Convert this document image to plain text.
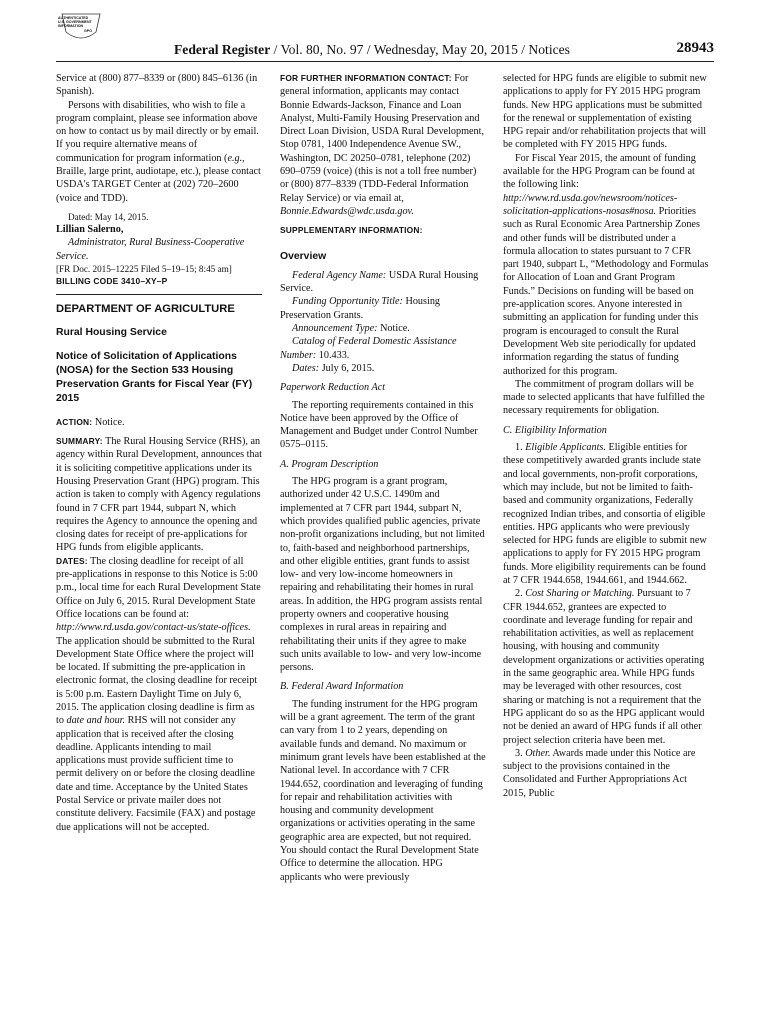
AUTHENTICATED
U.S. GOVERNMENT
INFORMATION
GPO
Federal Register / Vol. 80, No. 97 / Wednesday, May 20, 2015 / Notices	28943

Service at (800) 877–8339 or (800) 845–6136 (in Spanish).

Persons with disabilities, who wish to file a program complaint, please see information above on how to contact us by mail directly or by email. If you require alternative means of communication for program information (e.g., Braille, large print, audiotape, etc.), please contact USDA's TARGET Center at (202) 720–2600 (voice and TDD).

Dated: May 14, 2015.

Lillian Salerno,

Administrator, Rural Business-Cooperative Service.

[FR Doc. 2015–12225 Filed 5–19–15; 8:45 am]

BILLING CODE 3410–XY–P

DEPARTMENT OF AGRICULTURE

Rural Housing Service

Notice of Solicitation of Applications (NOSA) for the Section 533 Housing Preservation Grants for Fiscal Year (FY) 2015

ACTION: Notice.

SUMMARY: The Rural Housing Service (RHS), an agency within Rural Development, announces that it is soliciting competitive applications under its Housing Preservation Grant (HPG) program. This action is taken to comply with Agency regulations found in 7 CFR part 1944, subpart N, which requires the Agency to announce the opening and closing dates for receipt of pre-applications for HPG funds from eligible applicants.

DATES: The closing deadline for receipt of all pre-applications in response to this Notice is 5:00 p.m., local time for each Rural Development State Office on July 6, 2015. Rural Development State Office locations can be found at: http://www.rd.usda.gov/contact-us/state-offices. The application should be submitted to the Rural Development State Office where the project will be located. If submitting the pre-application in electronic format, the closing deadline for receipt is 5:00 p.m. Eastern Daylight Time on July 6, 2015. The application closing deadline is firm as to date and hour. RHS will not consider any application that is received after the closing deadline. Applicants intending to mail applications must provide sufficient time to permit delivery on or before the closing deadline date and time. Acceptance by the United States Postal Service or private mailer does not constitute delivery. Facsimile (FAX) and postage due applications will not be accepted.

FOR FURTHER INFORMATION CONTACT: For general information, applicants may contact Bonnie Edwards-Jackson, Finance and Loan Analyst, Multi-Family Housing Preservation and Direct Loan Division, USDA Rural Development, Stop 0781, 1400 Independence Avenue SW., Washington, DC 20250–0781, telephone (202) 690–0759 (voice) (this is not a toll free number) or (800) 877–8339 (TDD-Federal Information Relay Service) or via email at, Bonnie.Edwards@wdc.usda.gov.

SUPPLEMENTARY INFORMATION:

Overview

Federal Agency Name: USDA Rural Housing Service.

Funding Opportunity Title: Housing Preservation Grants.

Announcement Type: Notice.

Catalog of Federal Domestic Assistance Number: 10.433.

Dates: July 6, 2015.

Paperwork Reduction Act

The reporting requirements contained in this Notice have been approved by the Office of Management and Budget under Control Number 0575–0115.

A. Program Description

The HPG program is a grant program, authorized under 42 U.S.C. 1490m and implemented at 7 CFR part 1944, subpart N, which provides qualified public agencies, private non-profit organizations including, but not limited to, faith-based and neighborhood partnerships, and other eligible entities, grant funds to assist low- and very low-income homeowners in repairing and rehabilitating their homes in rural areas. In addition, the HPG program assists rental property owners and cooperative housing complexes in rural areas in repairing and rehabilitating their units if they agree to make such units available to low- and very low-income persons.

B. Federal Award Information

The funding instrument for the HPG program will be a grant agreement. The term of the grant can vary from 1 to 2 years, depending on available funds and demand. No maximum or minimum grant levels have been established at the National level. In accordance with 7 CFR 1944.652, coordination and leveraging of funding for repair and rehabilitation activities with housing and community development organizations or activities operating in the same geographic area are expected, but not required. You should contact the Rural Development State Office to determine the allocation. HPG applicants who were previously

selected for HPG funds are eligible to submit new applications to apply for FY 2015 HPG program funds. New HPG applications must be submitted for the renewal or supplementation of existing HPG repair and/or rehabilitation projects that will be completed with FY 2015 HPG funds.

For Fiscal Year 2015, the amount of funding available for the HPG Program can be found at the following link: http://www.rd.usda.gov/newsroom/notices-solicitation-applications-nosas#nosa. Priorities such as Rural Economic Area Partnership Zones and other funds will be distributed under a formula allocation to states pursuant to 7 CFR part 1940, subpart L, “Methodology and Formulas for Allocation of Loan and Grant Program Funds.” Decisions on funding will be based on pre-application scores. Anyone interested in submitting an application for funding under this program is encouraged to consult the Rural Development Web site periodically for updated information regarding the status of funding authorized for this program.

The commitment of program dollars will be made to selected applicants that have fulfilled the necessary requirements for obligation.

C. Eligibility Information

1. Eligible Applicants. Eligible entities for these competitively awarded grants include state and local governments, non-profit corporations, which may include, but not be limited to faith-based and community organizations, Federally recognized Indian tribes, and consortia of eligible entities. HPG applicants who were previously selected for HPG funds are eligible to submit new applications to apply for FY 2015 HPG program funds. More eligibility requirements can be found at 7 CFR 1944.658, 1944.661, and 1944.662.

2. Cost Sharing or Matching. Pursuant to 7 CFR 1944.652, grantees are expected to coordinate and leverage funding for repair and rehabilitation activities, as well as replacement housing, with housing and community development organizations or activities operating in the same geographic area. While HPG funds may be leveraged with other resources, cost sharing or matching is not a requirement that the HPG applicant do so as the HPG applicant would not be denied an award of HPG funds if all other project selection criteria have been met.

3. Other. Awards made under this Notice are subject to the provisions contained in the Consolidated and Further Appropriations Act 2015, Public
